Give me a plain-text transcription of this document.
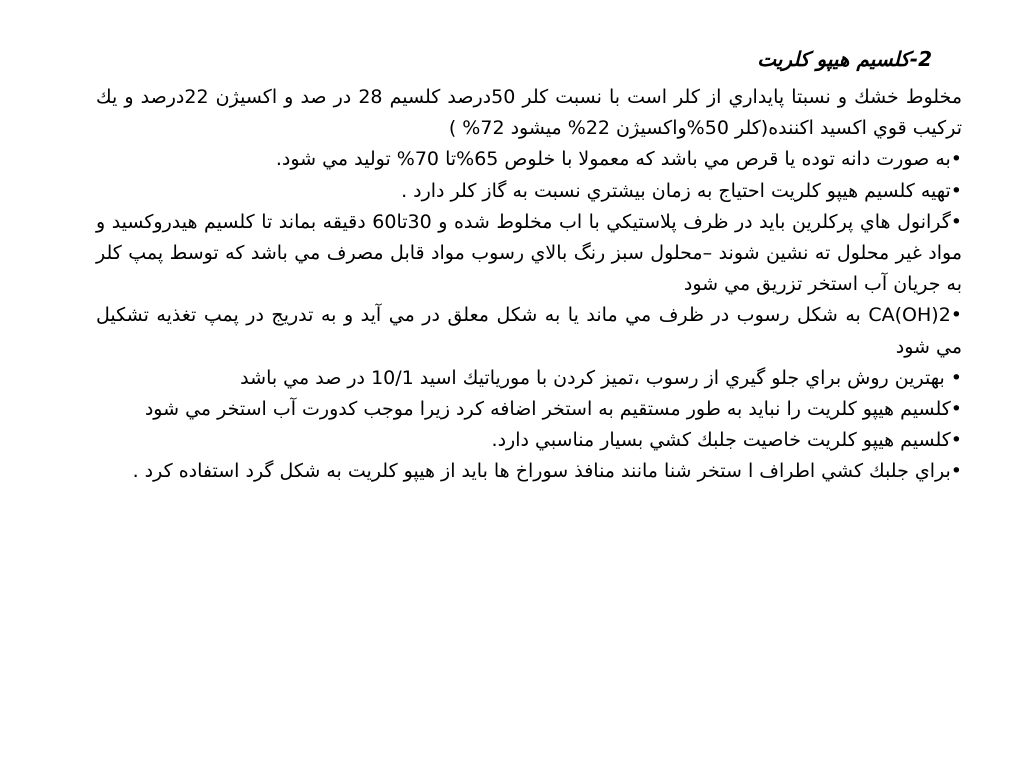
2-كلسيم هيپو كلريت

مخلوط خشك و نسبتا پايداري از كلر است با نسبت كلر 50درصد كلسيم 28 در صد و اكسيژن 22درصد و يك تركيب قوي اكسيد اكننده(كلر 50%واكسيژن 22% ميشود 72% )

•به صورت دانه توده يا قرص مي باشد كه معمولا با خلوص 65%تا 70% توليد مي شود.

•تهيه كلسيم هيپو كلريت احتياج به زمان بيشتري نسبت به گاز كلر دارد .

•گرانول هاي پركلرين بايد در ظرف پلاستيكي با اب مخلوط شده و 30تا60 دقيقه بماند تا كلسيم هيدروكسيد و مواد غير محلول ته نشين شوند –محلول سبز رنگ بالاي رسوب مواد قابل مصرف مي باشد كه توسط پمپ كلر به جريان آب استخر تزريق مي شود

•CA(OH)2 به شكل رسوب در ظرف مي ماند يا به شكل معلق در مي آيد و به تدريج در پمپ تغذيه تشكيل مي شود

• بهترين روش براي جلو گيري از رسوب ،تميز كردن با موریاتيك اسيد 10/1 در صد مي باشد

•كلسيم هيپو كلريت را نبايد به طور مستقيم به استخر اضافه كرد زيرا موجب كدورت آب استخر مي شود

•كلسيم هيپو كلريت خاصيت جلبك كشي بسيار مناسبي دارد.

•براي جلبك كشي اطراف ا ستخر شنا مانند منافذ سوراخ ها بايد از هيپو كلريت به شكل گرد استفاده كرد .
